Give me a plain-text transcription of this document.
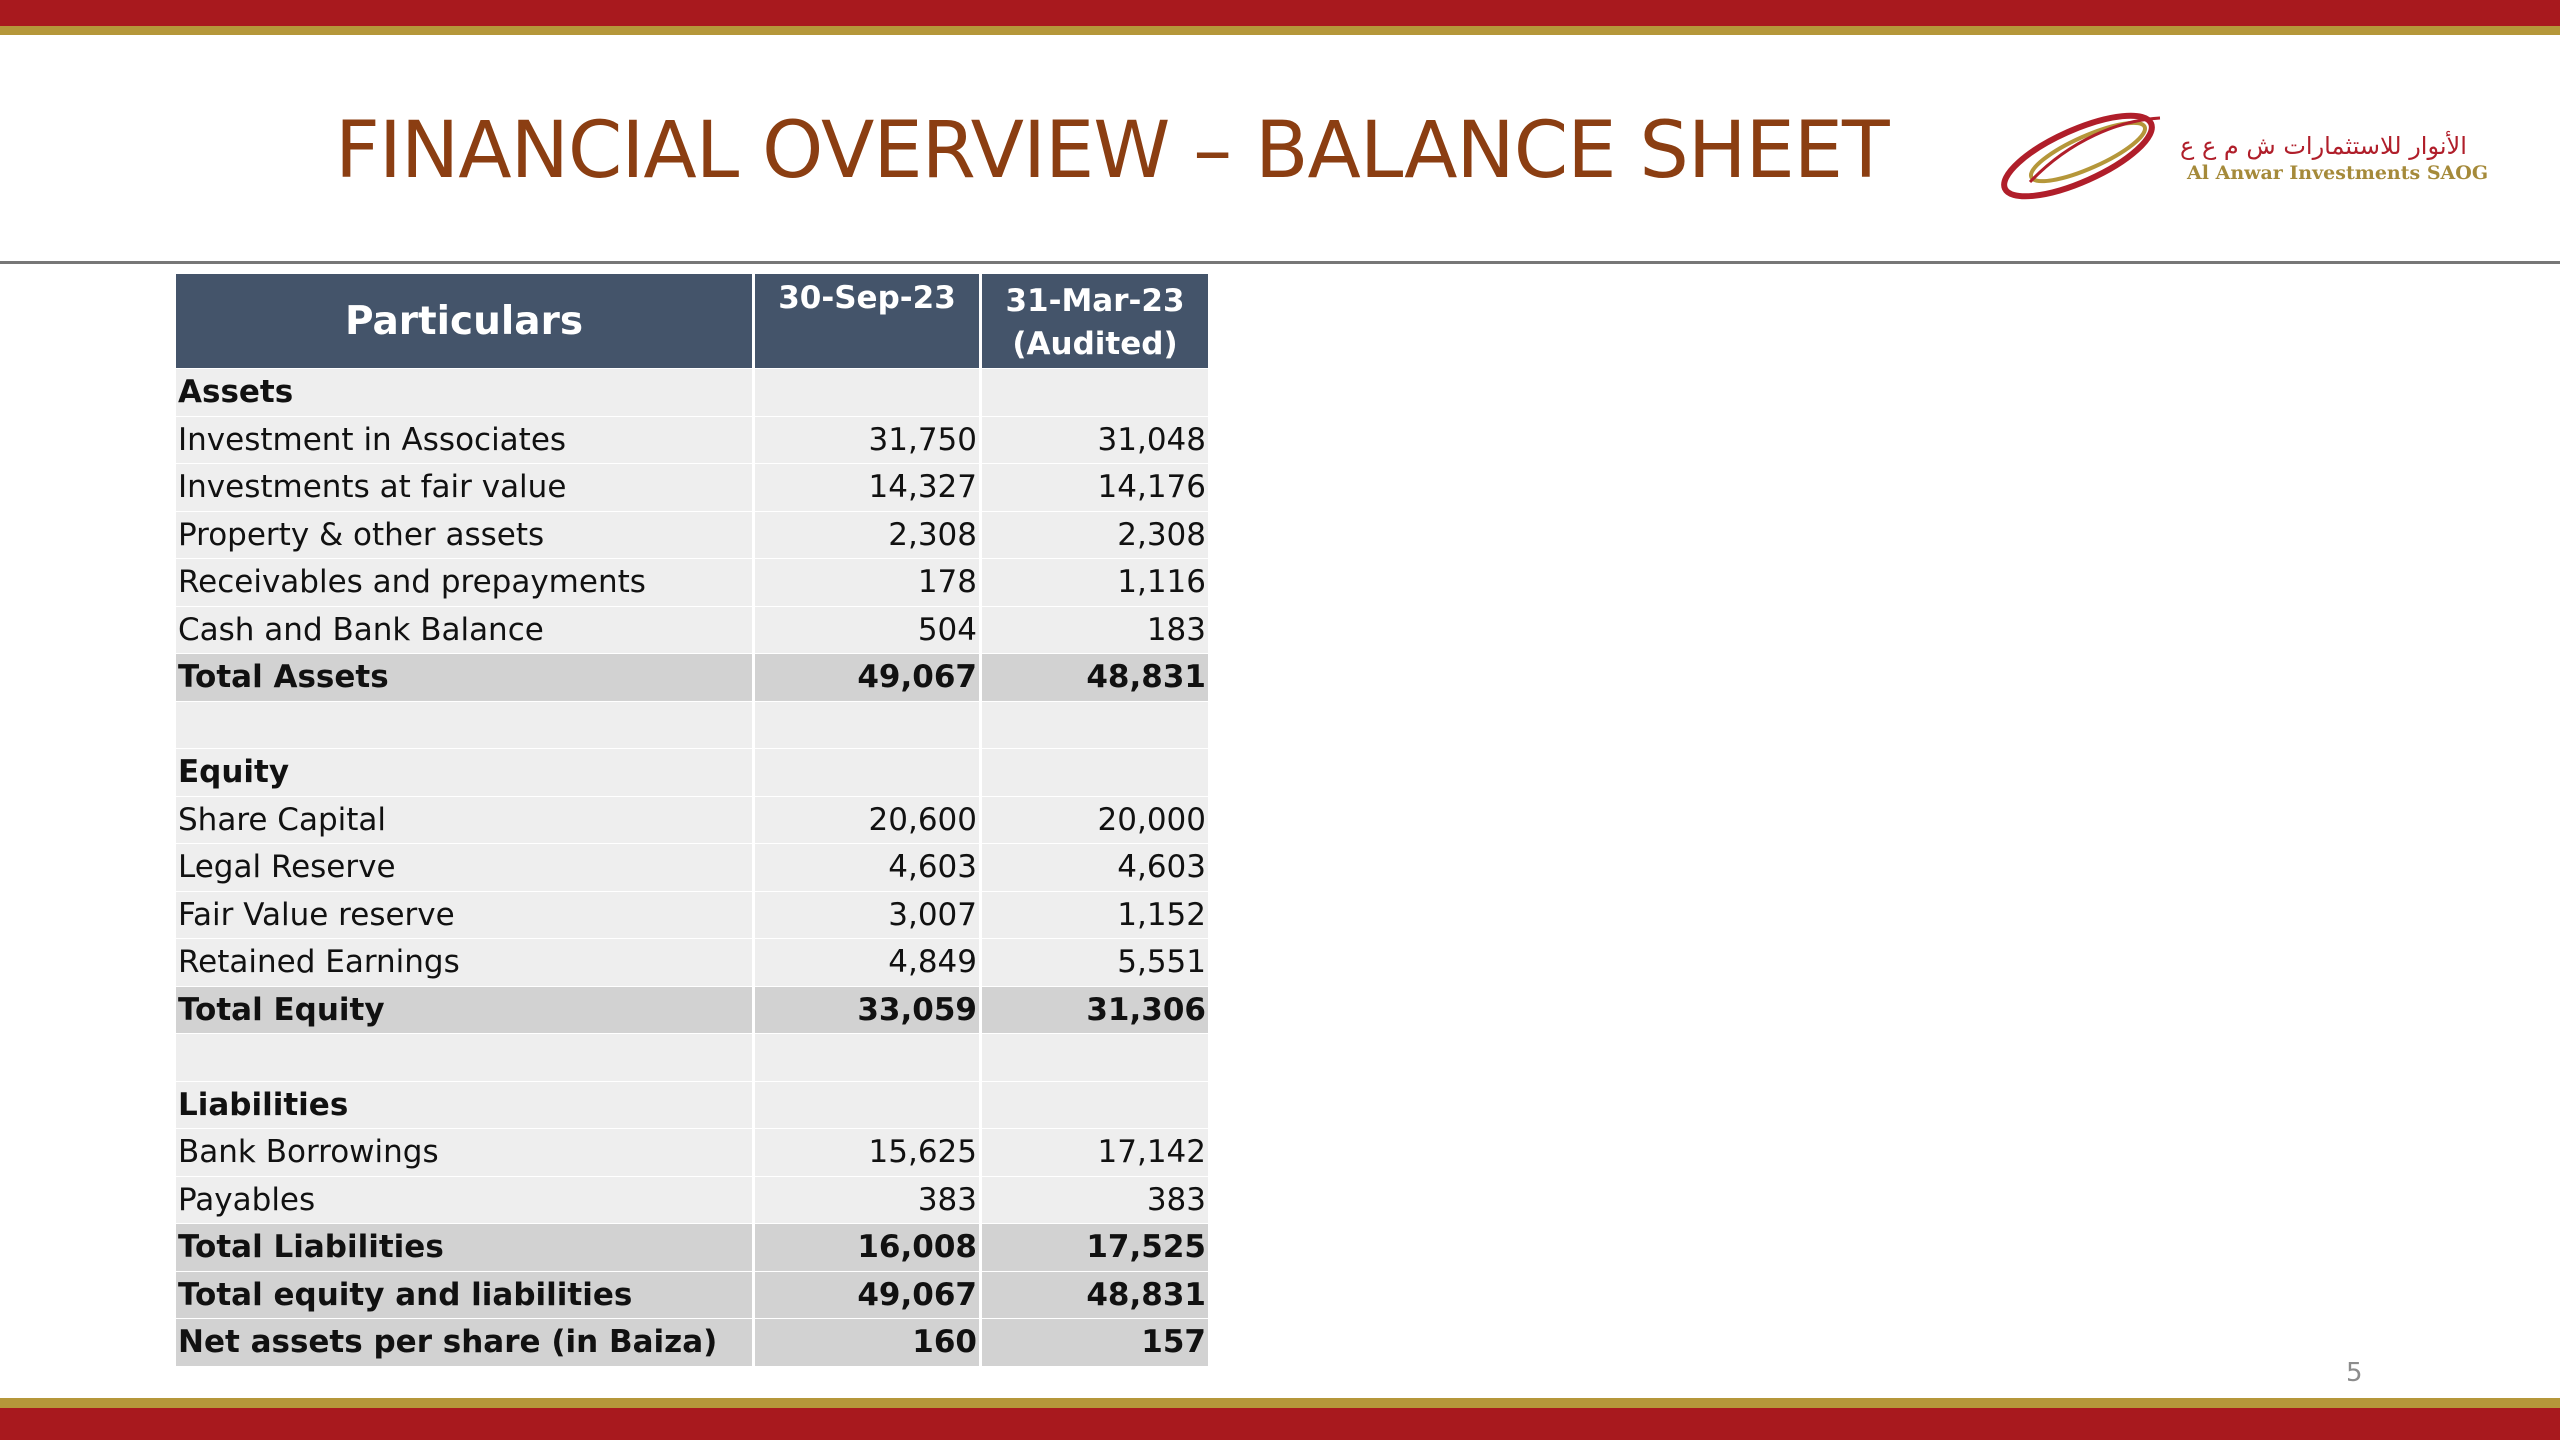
FINANCIAL OVERVIEW – BALANCE SHEET	الأنوار للاستثمارات ش م ع ع
Al Anwar Investments SAOG
Particulars	30-Sep-23	31-Mar-23
(Audited)
Assets		
Investment in Associates	31,750	31,048
Investments at fair value	14,327	14,176
Property & other assets	2,308	2,308
Receivables and prepayments	178	1,116
Cash and Bank Balance	504	183
Total Assets	49,067	48,831

Equity		
Share Capital	20,600	20,000
Legal Reserve	4,603	4,603
Fair Value reserve	3,007	1,152
Retained Earnings	4,849	5,551
Total Equity	33,059	31,306

Liabilities		
Bank Borrowings	15,625	17,142
Payables	383	383
Total Liabilities	16,008	17,525
Total equity and liabilities	49,067	48,831
Net assets per share (in Baiza)	160	157
5
